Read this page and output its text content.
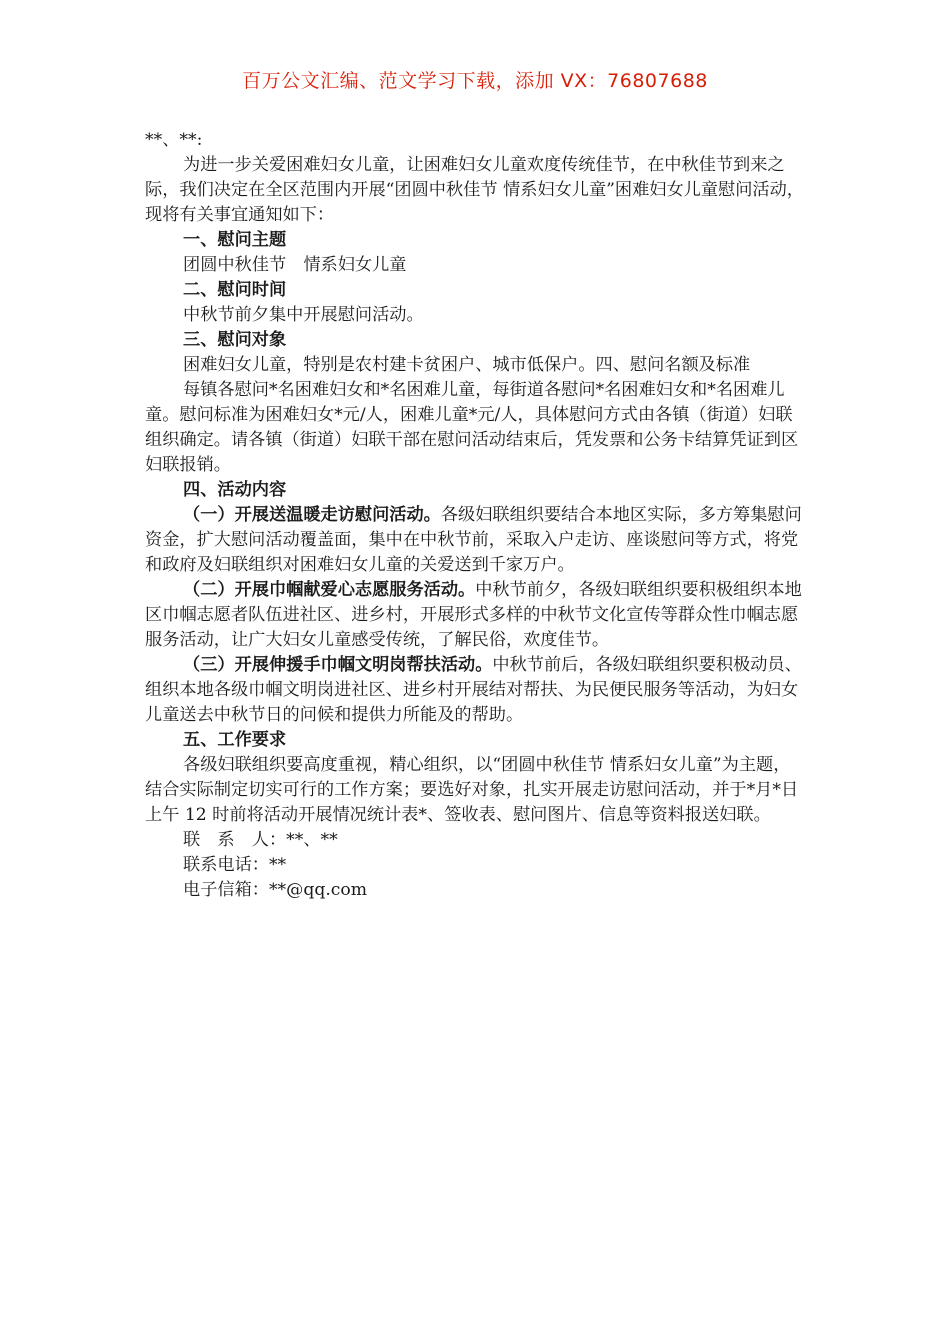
百万公文汇编、范文学习下载，添加 VX：76807688

**、**:

为进一步关爱困难妇女儿童，让困难妇女儿童欢度传统佳节，在中秋佳节到来之际，我们决定在全区范围内开展“团圆中秋佳节 情系妇女儿童”困难妇女儿童慰问活动，现将有关事宜通知如下：

一、慰问主题

团圆中秋佳节　情系妇女儿童

二、慰问时间

中秋节前夕集中开展慰问活动。

三、慰问对象

困难妇女儿童，特别是农村建卡贫困户、城市低保户。四、慰问名额及标准

每镇各慰问*名困难妇女和*名困难儿童，每街道各慰问*名困难妇女和*名困难儿童。慰问标准为困难妇女*元/人，困难儿童*元/人，具体慰问方式由各镇（街道）妇联组织确定。请各镇（街道）妇联干部在慰问活动结束后，凭发票和公务卡结算凭证到区妇联报销。

四、活动内容

（一）开展送温暖走访慰问活动。各级妇联组织要结合本地区实际，多方筹集慰问资金，扩大慰问活动覆盖面，集中在中秋节前，采取入户走访、座谈慰问等方式，将党和政府及妇联组织对困难妇女儿童的关爱送到千家万户。

（二）开展巾帼献爱心志愿服务活动。中秋节前夕，各级妇联组织要积极组织本地区巾帼志愿者队伍进社区、进乡村，开展形式多样的中秋节文化宣传等群众性巾帼志愿服务活动，让广大妇女儿童感受传统，了解民俗，欢度佳节。

（三）开展伸援手巾帼文明岗帮扶活动。中秋节前后，各级妇联组织要积极动员、组织本地各级巾帼文明岗进社区、进乡村开展结对帮扶、为民便民服务等活动，为妇女儿童送去中秋节日的问候和提供力所能及的帮助。

五、工作要求

各级妇联组织要高度重视，精心组织，以“团圆中秋佳节 情系妇女儿童”为主题，结合实际制定切实可行的工作方案；要选好对象，扎实开展走访慰问活动，并于*月*日上午 12 时前将活动开展情况统计表*、签收表、慰问图片、信息等资料报送妇联。

联　系　人：**、**

联系电话：**

电子信箱：**@qq.com
